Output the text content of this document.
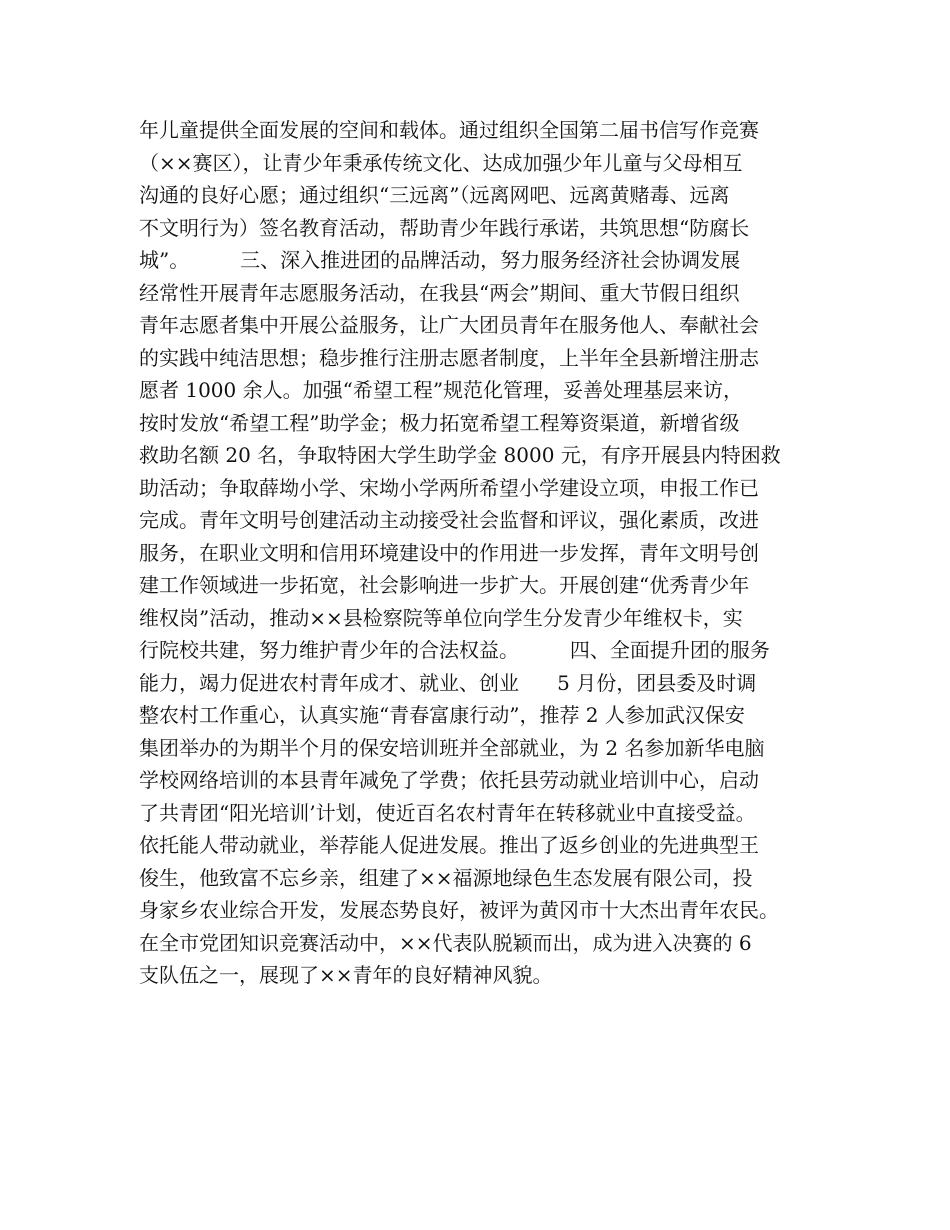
年儿童提供全面发展的空间和载体。通过组织全国第二届书信写作竞赛
（××赛区），让青少年秉承传统文化、达成加强少年儿童与父母相互
沟通的良好心愿；通过组织“三远离”（远离网吧、远离黄赌毒、远离
不文明行为）签名教育活动，帮助青少年践行承诺，共筑思想“防腐长
城”。        三、深入推进团的品牌活动，努力服务经济社会协调发展
经常性开展青年志愿服务活动，在我县“两会”期间、重大节假日组织
青年志愿者集中开展公益服务，让广大团员青年在服务他人、奉献社会
的实践中纯洁思想；稳步推行注册志愿者制度，上半年全县新增注册志
愿者 1000 余人。加强“希望工程”规范化管理，妥善处理基层来访，
按时发放“希望工程”助学金；极力拓宽希望工程筹资渠道，新增省级
救助名额 20 名，争取特困大学生助学金 8000 元，有序开展县内特困救
助活动；争取薛坳小学、宋坳小学两所希望小学建设立项，申报工作已
完成。青年文明号创建活动主动接受社会监督和评议，强化素质，改进
服务，在职业文明和信用环境建设中的作用进一步发挥，青年文明号创
建工作领域进一步拓宽，社会影响进一步扩大。开展创建“优秀青少年
维权岗”活动，推动××县检察院等单位向学生分发青少年维权卡，实
行院校共建，努力维护青少年的合法权益。        四、全面提升团的服务
能力，竭力促进农村青年成才、就业、创业      5 月份，团县委及时调
整农村工作重心，认真实施“青春富康行动”，推荐 2 人参加武汉保安
集团举办的为期半个月的保安培训班并全部就业，为 2 名参加新华电脑
学校网络培训的本县青年减免了学费；依托县劳动就业培训中心，启动
了共青团“阳光培训’计划，使近百名农村青年在转移就业中直接受益。
依托能人带动就业，举荐能人促进发展。推出了返乡创业的先进典型王
俊生，他致富不忘乡亲，组建了××福源地绿色生态发展有限公司，投
身家乡农业综合开发，发展态势良好，被评为黄冈市十大杰出青年农民。
在全市党团知识竞赛活动中，××代表队脱颖而出，成为进入决赛的 6
支队伍之一，展现了××青年的良好精神风貌。
